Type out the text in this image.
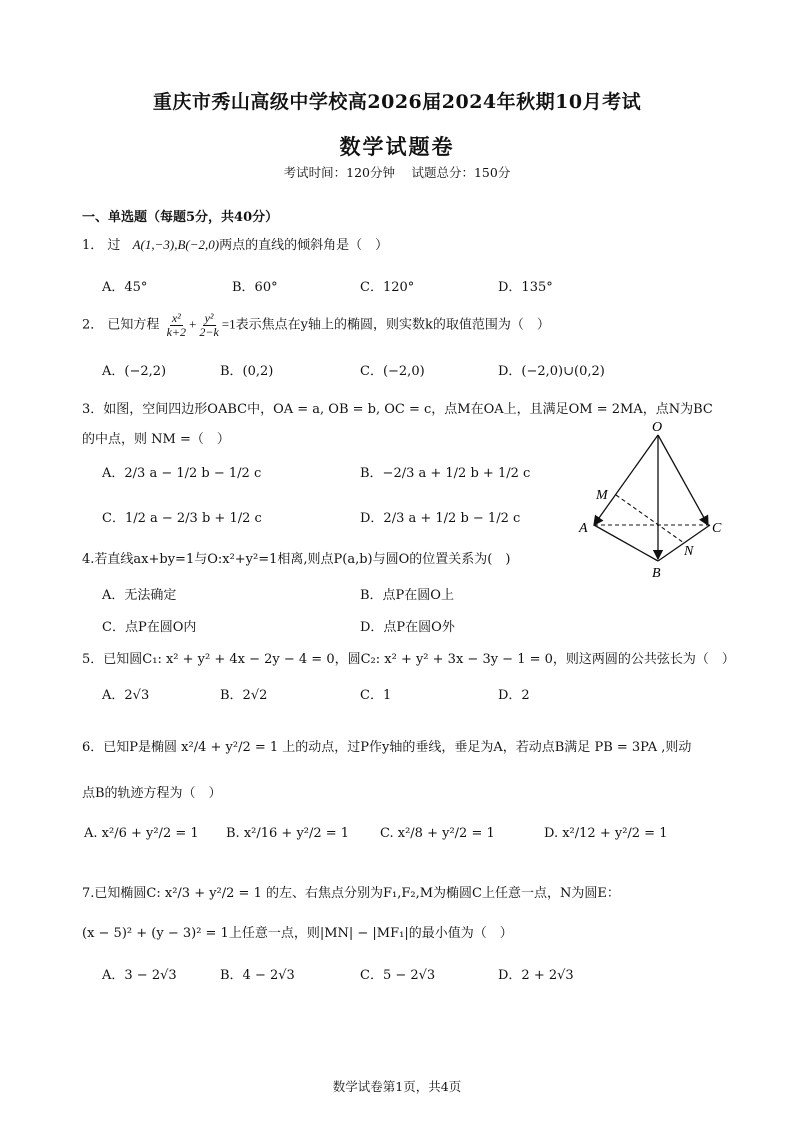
重庆市秀山高级中学校高2026届2024年秋期10月考试
数学试题卷
考试时间：120分钟　 试题总分：150分
一、单选题（每题5分，共40分）
1． 过 A(1,−3),B(−2,0)两点的直线的倾斜角是（　）
A．45°	B．60°	C．120°	D．135°
2． 已知方程 $\frac{\text{x²}}{k+2} + \frac{\text{y²}}{2-k} =1$表示焦点在y轴上的椭圆，则实数k的取值范围为（　）
A．(−2,2)	B．(0,2)	C．(−2,0)	D．(−2,0)∪(0,2)
3．如图，空间四边形OABC中，OA = a, OB = b, OC = c，点M在OA上，且满足OM = 2MA，点N为BC
的中点，则 NM =（　）
A．2/3 a − 1/2 b − 1/2 c	B．−2/3 a + 1/2 b + 1/2 c
C．1/2 a − 2/3 b + 1/2 c	D．2/3 a + 1/2 b − 1/2 c
O
M
A	C
N
B
4.若直线ax+by=1与O:x²+y²=1相离,则点P(a,b)与圆O的位置关系为(　)
A．无法确定	B．点P在圆O上
C．点P在圆O内	D．点P在圆O外
5．已知圆C₁: x² + y² + 4x − 2y − 4 = 0，圆C₂: x² + y² + 3x − 3y − 1 = 0，则这两圆的公共弦长为（　）
A．2√3	B．2√2	C．1	D．2
6．已知P是椭圆 x²/4 + y²/2 = 1 上的动点，过P作y轴的垂线，垂足为A，若动点B满足 PB = 3PA ,则动
点B的轨迹方程为（　）
A. x²/6 + y²/2 = 1 B. x²/16 + y²/2 = 1 C. x²/8 + y²/2 = 1	D. x²/12 + y²/2 = 1
7.已知椭圆C: x²/3 + y²/2 = 1 的左、右焦点分别为F₁,F₂,M为椭圆C上任意一点，N为圆E：
(x − 5)² + (y − 3)² = 1上任意一点，则|MN| − |MF₁|的最小值为（　）
A．3 − 2√3	B．4 − 2√3	C．5 − 2√3	D．2 + 2√3
数学试卷第1页，共4页
